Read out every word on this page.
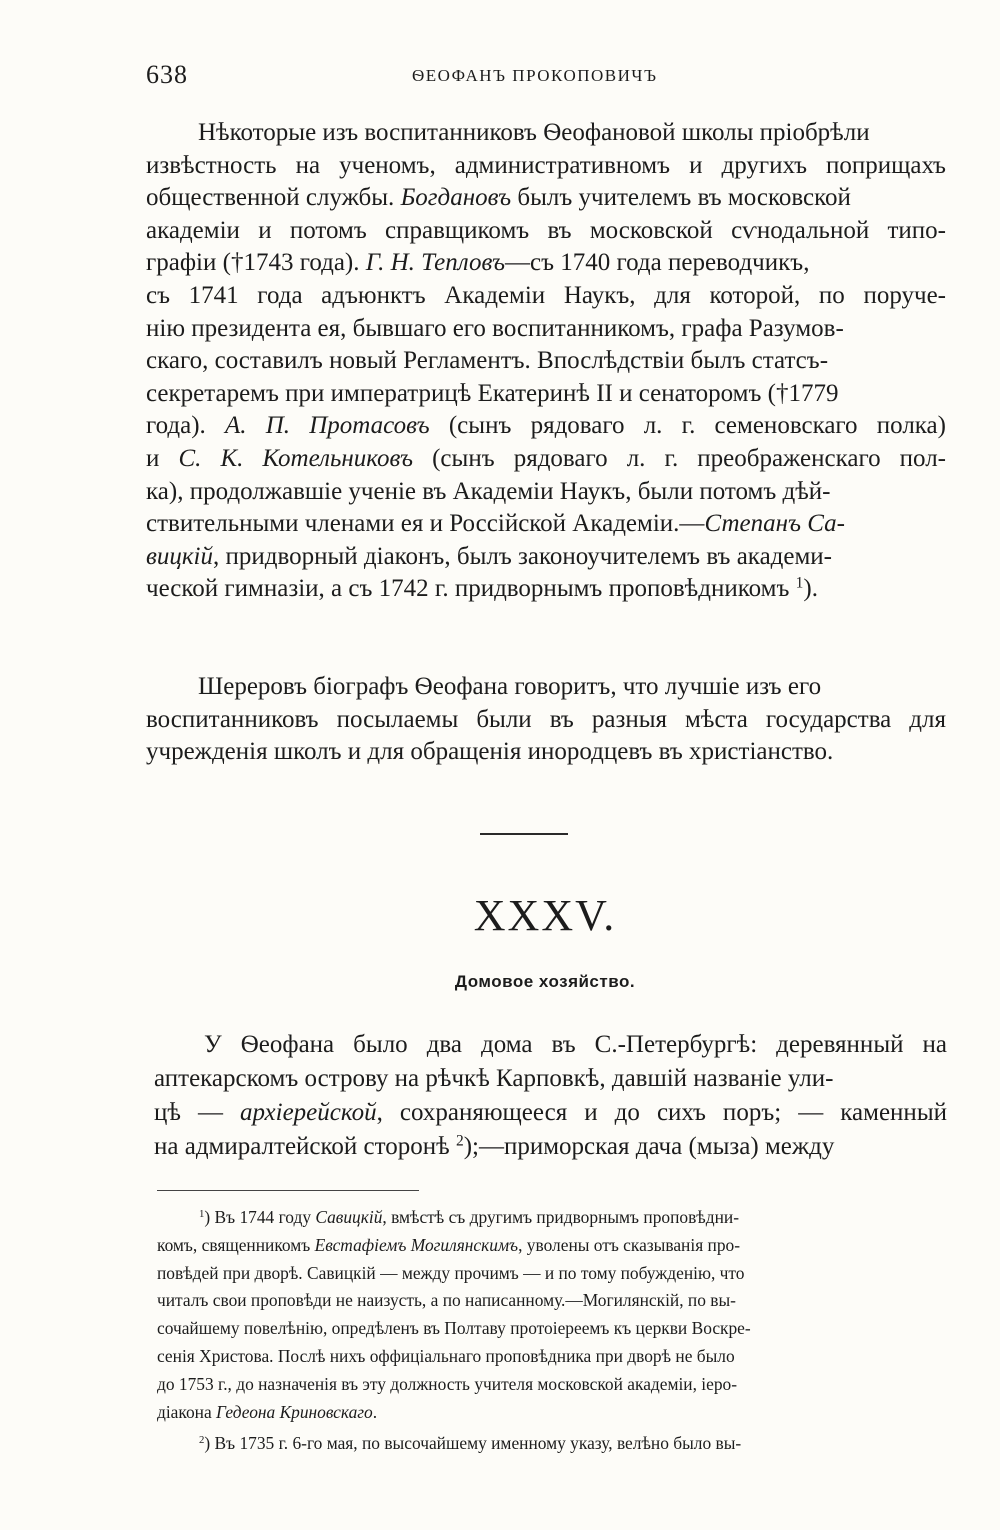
638	ѲЕОФАНЪ ПРОКОПОВИЧЪ
Нѣкоторые изъ воспитанниковъ Ѳеофановой школы пріобрѣли
извѣстность на ученомъ, административномъ и другихъ поприщахъ
общественной службы. Богдановъ былъ учителемъ въ московской
академіи и потомъ справщикомъ въ московской сѵнодальной типо-
графіи (†1743 года). Г. Н. Тепловъ—съ 1740 года переводчикъ,
съ 1741 года адъюнктъ Академіи Наукъ, для которой, по поруче-
нію президента ея, бывшаго его воспитанникомъ, графа Разумов-
скаго, составилъ новый Регламентъ. Впослѣдствіи былъ статсъ-
секретаремъ при императрицѣ Екатеринѣ II и сенаторомъ (†1779
года). А. П. Протасовъ (сынъ рядоваго л. г. семеновскаго полка)
и С. К. Котельниковъ (сынъ рядоваго л. г. преображенскаго пол-
ка), продолжавшіе ученіе въ Академіи Наукъ, были потомъ дѣй-
ствительными членами ея и Россійской Академіи.—Степанъ Са-
вицкій, придворный діаконъ, былъ законоучителемъ въ академи-
ческой гимназіи, а съ 1742 г. придворнымъ проповѣдникомъ $^1$).
Шереровъ біографъ Ѳеофана говоритъ, что лучшіе изъ его
воспитанниковъ посылаемы были въ разныя мѣста государства для
учрежденія школъ и для обращенія инородцевъ въ христіанство.
XXXV.
Домовое хозяйство.
У Ѳеофана было два дома въ С.-Петербургѣ: деревянный на
аптекарскомъ острову на рѣчкѣ Карповкѣ, давшій названіе ули-
цѣ — архіерейской, сохраняющееся и до сихъ поръ; — каменный
на адмиралтейской сторонѣ $^2$);—приморская дача (мыза) между
$^1$) Въ 1744 году Савицкій, вмѣстѣ съ другимъ придворнымъ проповѣдни-
комъ, священникомъ Евстафіемъ Могилянскимъ, уволены отъ сказыванія про-
повѣдей при дворѣ. Савицкій — между прочимъ — и по тому побужденію, что
читалъ свои проповѣди не наизусть, а по написанному.—Могилянскій, по вы-
сочайшему повелѣнію, опредѣленъ въ Полтаву протоіереемъ къ церкви Воскре-
сенія Христова. Послѣ нихъ оффиціальнаго проповѣдника при дворѣ не было
до 1753 г., до назначенія въ эту должность учителя московской академіи, іеро-
діакона Гедеона Криновскаго.
$^2$) Въ 1735 г. 6-го мая, по высочайшему именному указу, велѣно было вы-
